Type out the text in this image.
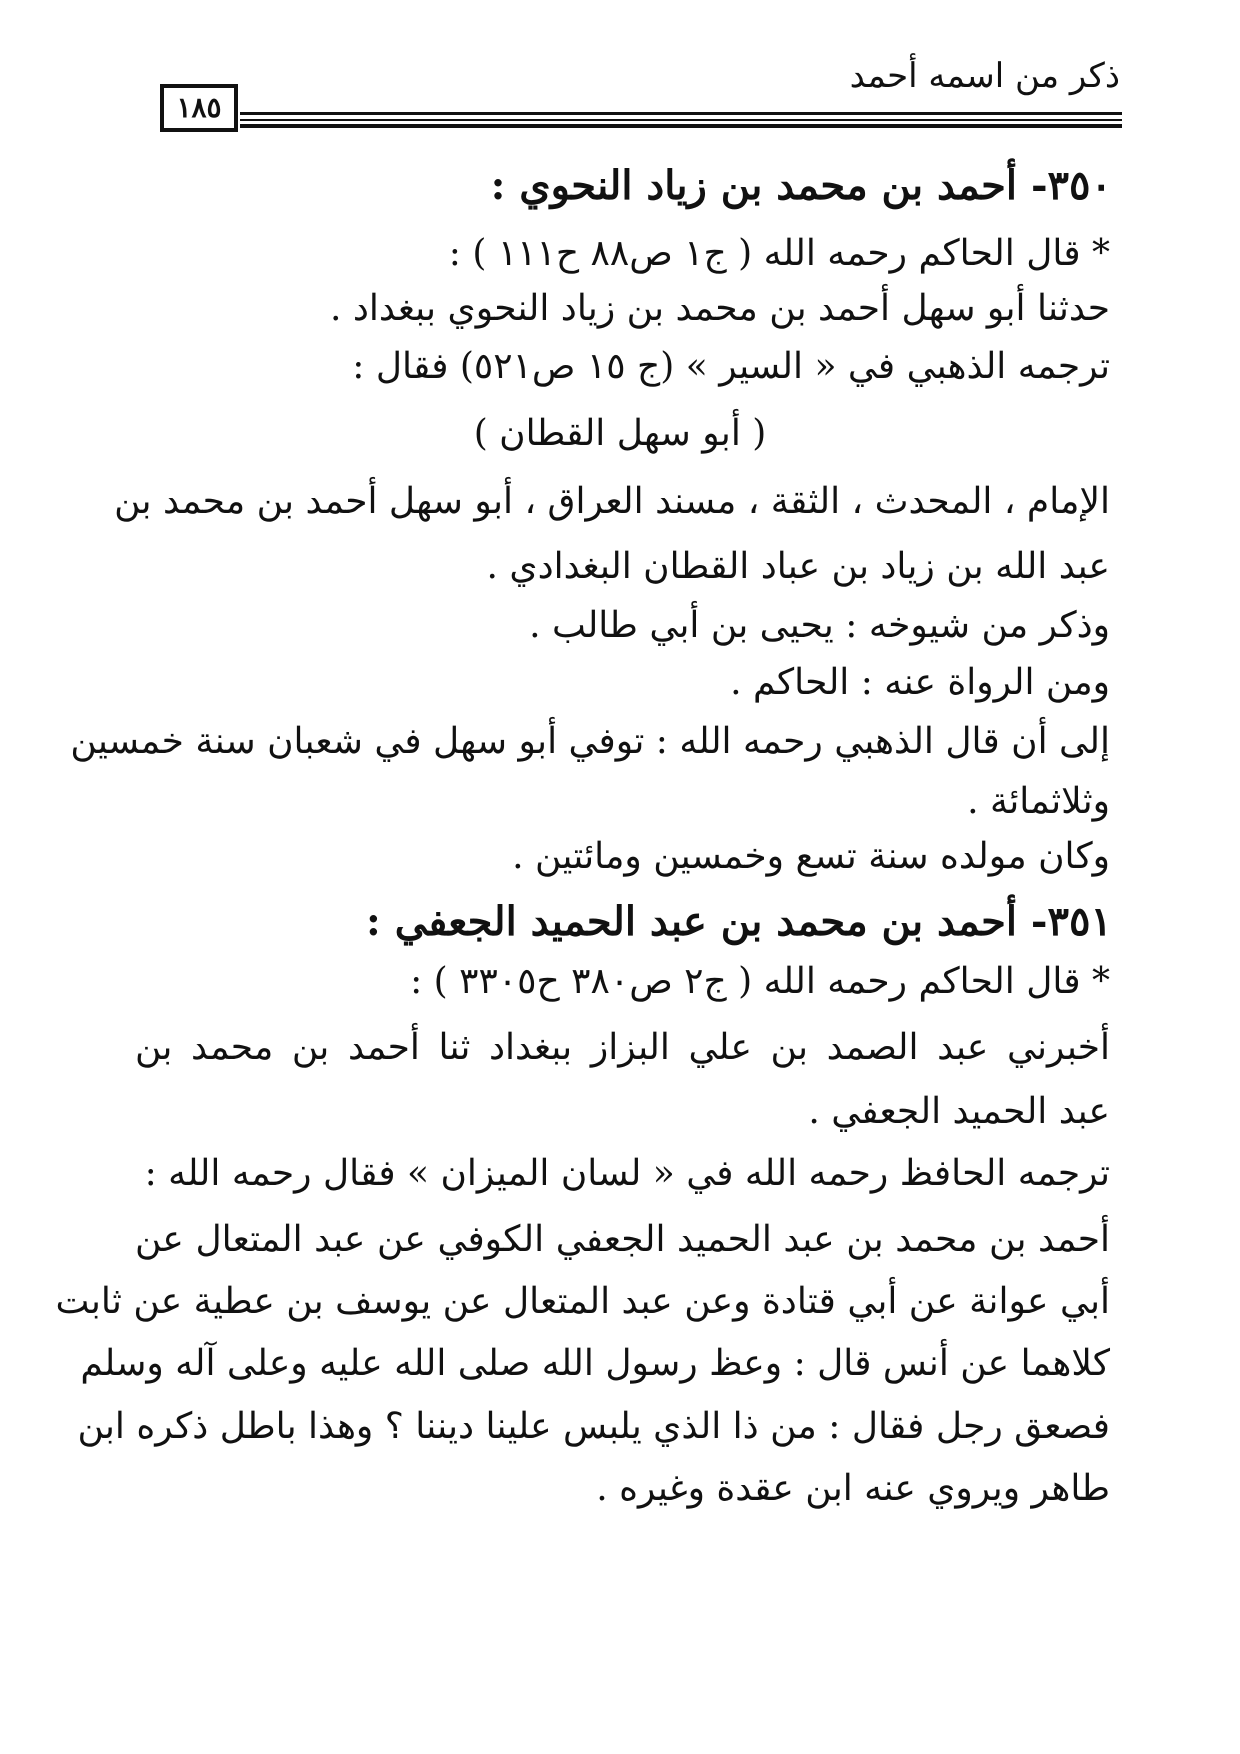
ذكر من اسمه أحمد
١٨٥
٣٥٠- أحمد بن محمد بن زياد النحوي :
* قال الحاكم رحمه الله ( ج١ ص٨٨ ح١١١ ) :
حدثنا أبو سهل أحمد بن محمد بن زياد النحوي ببغداد .
ترجمه الذهبي في « السير » (ج ١٥ ص٥٢١) فقال :
( أبو سهل القطان )
الإمام ، المحدث ، الثقة ، مسند العراق ، أبو سهل أحمد بن محمد بن
عبد الله بن زياد بن عباد القطان البغدادي .
وذكر من شيوخه : يحيى بن أبي طالب .
ومن الرواة عنه : الحاكم .
إلى أن قال الذهبي رحمه الله : توفي أبو سهل في شعبان سنة خمسين
وثلاثمائة .
وكان مولده سنة تسع وخمسين ومائتين .
٣٥١- أحمد بن محمد بن عبد الحميد الجعفي :
* قال الحاكم رحمه الله ( ج٢ ص٣٨٠ ح٣٣٠٥ ) :
أخبرني عبد الصمد بن علي البزاز ببغداد ثنا أحمد بن محمد بن
عبد الحميد الجعفي .
ترجمه الحافظ رحمه الله في « لسان الميزان » فقال رحمه الله :
أحمد بن محمد بن عبد الحميد الجعفي الكوفي عن عبد المتعال عن
أبي عوانة عن أبي قتادة وعن عبد المتعال عن يوسف بن عطية عن ثابت
كلاهما عن أنس قال : وعظ رسول الله صلى الله عليه وعلى آله وسلم
فصعق رجل فقال : من ذا الذي يلبس علينا ديننا ؟ وهذا باطل ذكره ابن
طاهر ويروي عنه ابن عقدة وغيره .
